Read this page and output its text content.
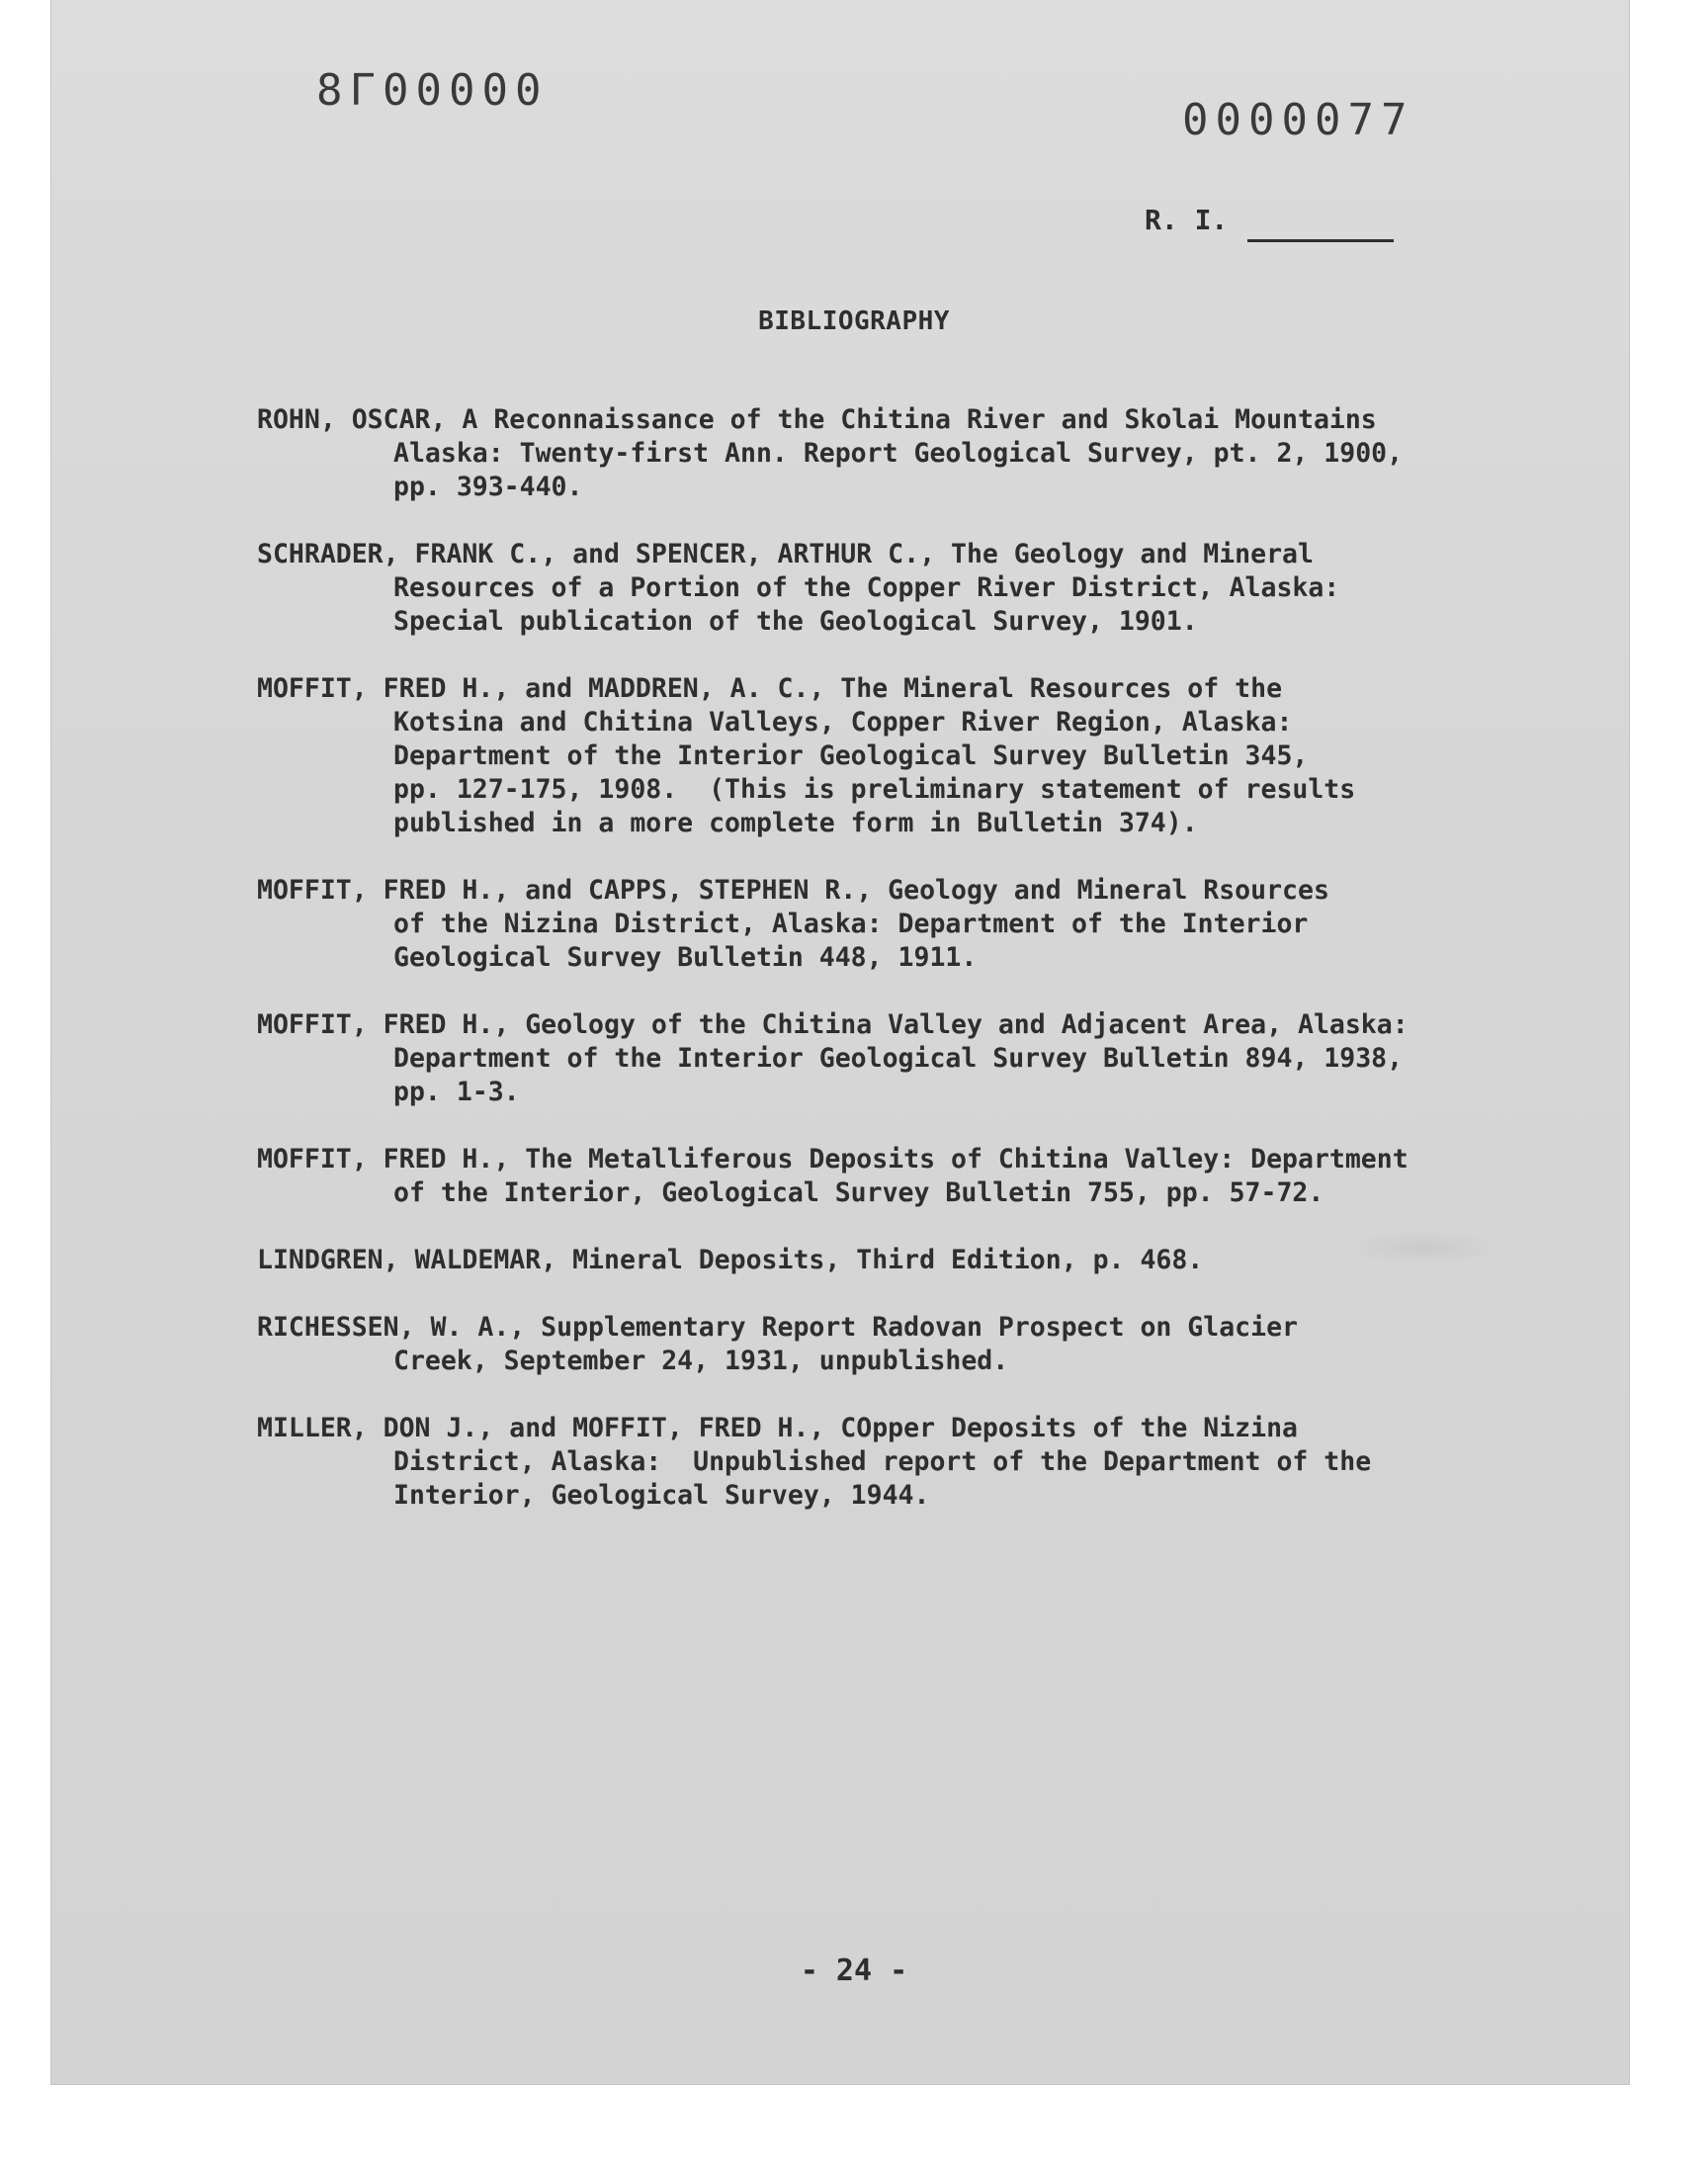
8Г00000
0000077
R. I.
BIBLIOGRAPHY
ROHN, OSCAR, A Reconnaissance of the Chitina River and Skolai Mountains
Alaska: Twenty-first Ann. Report Geological Survey, pt. 2, 1900,
pp. 393-440.
SCHRADER, FRANK C., and SPENCER, ARTHUR C., The Geology and Mineral
Resources of a Portion of the Copper River District, Alaska:
Special publication of the Geological Survey, 1901.
MOFFIT, FRED H., and MADDREN, A. C., The Mineral Resources of the
Kotsina and Chitina Valleys, Copper River Region, Alaska:
Department of the Interior Geological Survey Bulletin 345,
pp. 127-175, 1908.  (This is preliminary statement of results
published in a more complete form in Bulletin 374).
MOFFIT, FRED H., and CAPPS, STEPHEN R., Geology and Mineral Rsources
of the Nizina District, Alaska: Department of the Interior
Geological Survey Bulletin 448, 1911.
MOFFIT, FRED H., Geology of the Chitina Valley and Adjacent Area, Alaska:
Department of the Interior Geological Survey Bulletin 894, 1938,
pp. 1-3.
MOFFIT, FRED H., The Metalliferous Deposits of Chitina Valley: Department
of the Interior, Geological Survey Bulletin 755, pp. 57-72.
LINDGREN, WALDEMAR, Mineral Deposits, Third Edition, p. 468.
RICHESSEN, W. A., Supplementary Report Radovan Prospect on Glacier
Creek, September 24, 1931, unpublished.
MILLER, DON J., and MOFFIT, FRED H., COpper Deposits of the Nizina
District, Alaska:  Unpublished report of the Department of the
Interior, Geological Survey, 1944.
- 24 -
